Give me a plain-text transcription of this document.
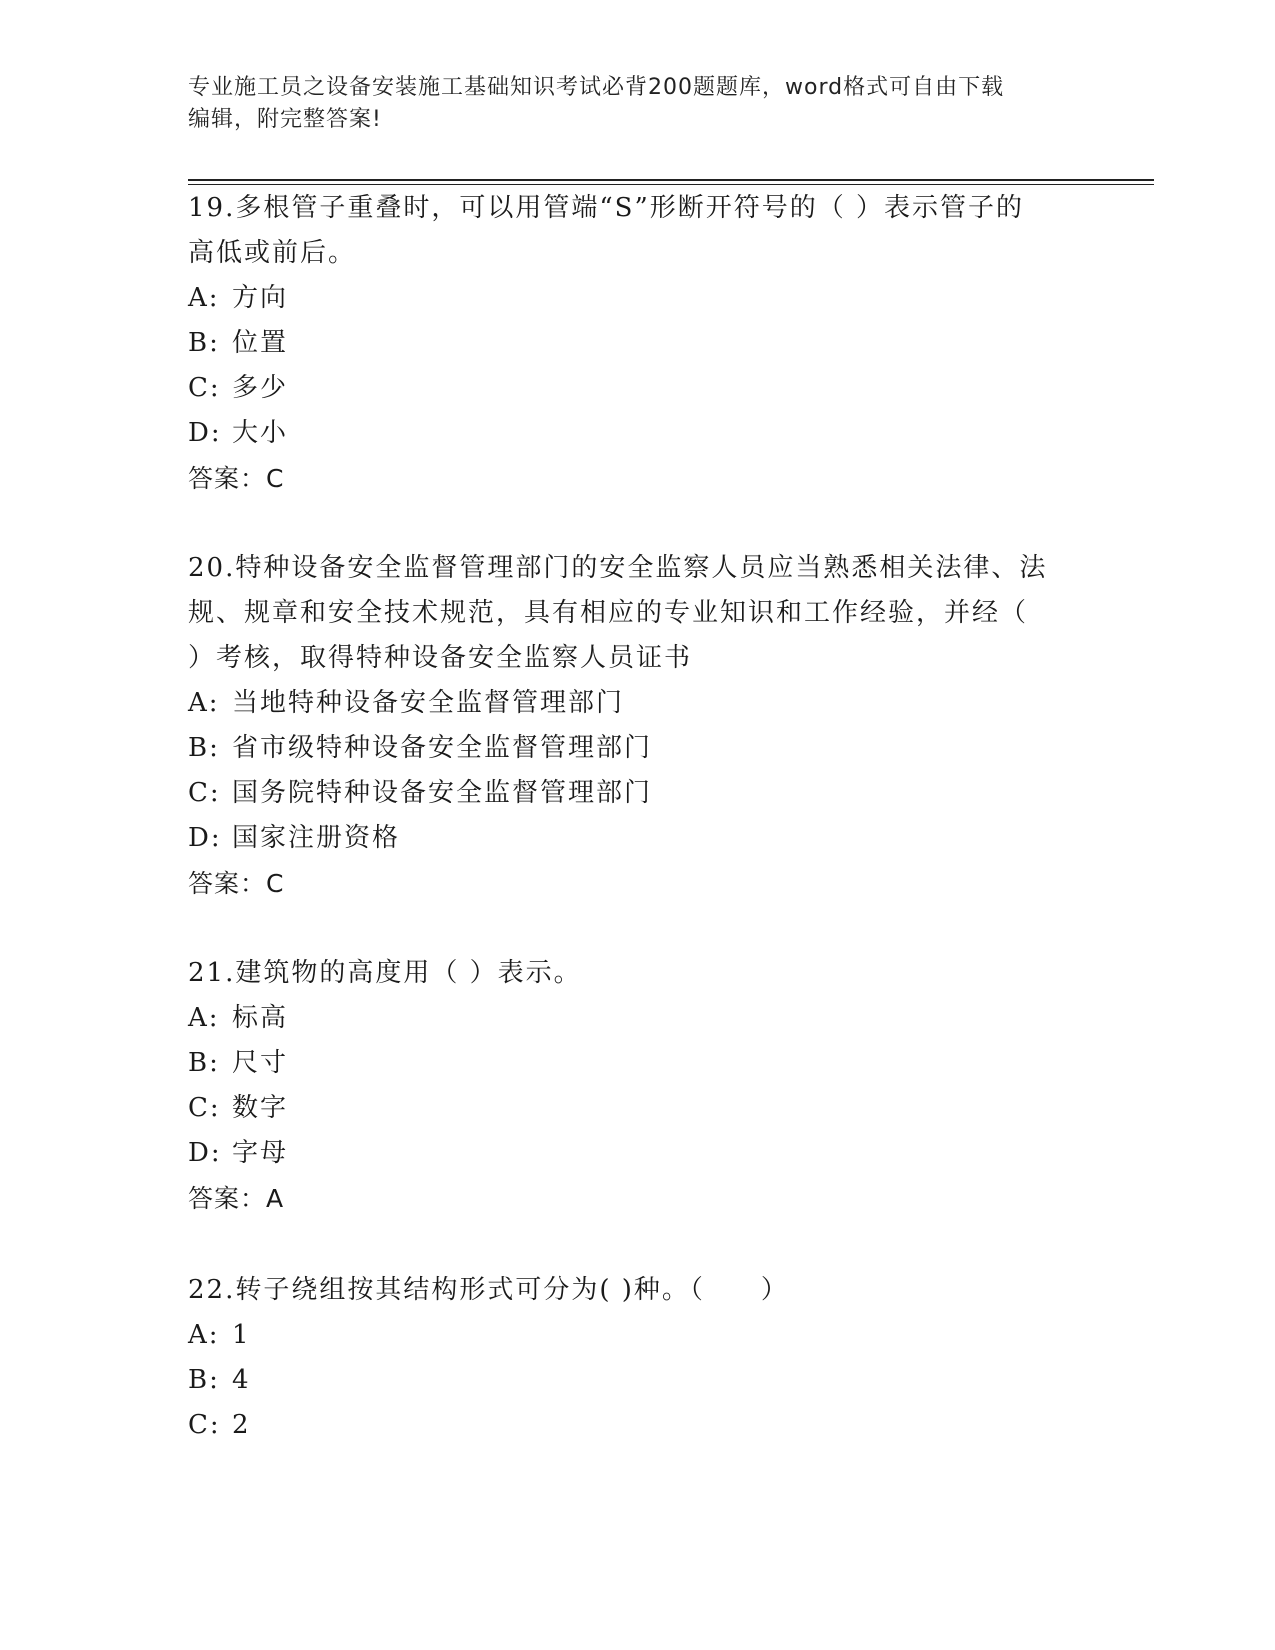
专业施工员之设备安装施工基础知识考试必背200题题库，word格式可自由下载
编辑，附完整答案!
19.多根管子重叠时，可以用管端“S”形断开符号的（ ）表示管子的
高低或前后。
A: 方向
B: 位置
C: 多少
D: 大小
答案：C
20.特种设备安全监督管理部门的安全监察人员应当熟悉相关法律、法
规、规章和安全技术规范，具有相应的专业知识和工作经验，并经（
）考核，取得特种设备安全监察人员证书
A: 当地特种设备安全监督管理部门
B: 省市级特种设备安全监督管理部门
C: 国务院特种设备安全监督管理部门
D: 国家注册资格
答案：C
21.建筑物的高度用（ ）表示。
A: 标高
B: 尺寸
C: 数字
D: 字母
答案：A
22.转子绕组按其结构形式可分为( )种。（　　）
A: 1
B: 4
C: 2
